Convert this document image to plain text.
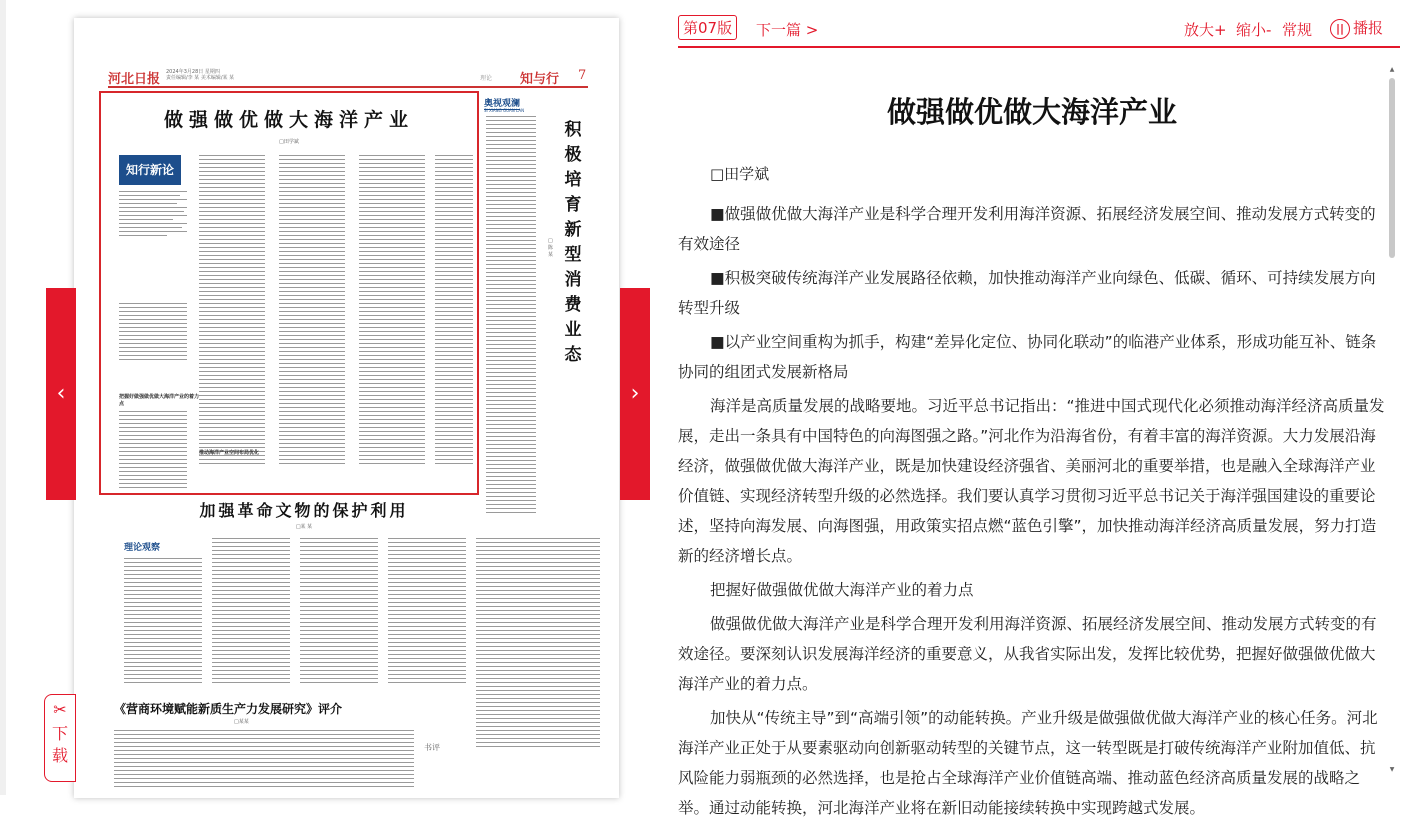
河北日报 2024年3月28日 星期四
责任编辑/李 某 美术编辑/某 某	理论 知与行 7
做强做优做大海洋产业
□田学斌
知行新论
把握好做强做优做大海洋产业的着力点
推动海洋产业空间布局优化
奥视观澜
SI XIANG GUAN LAN
积极培育新型消费业态
□陈某
加强革命文物的保护利用
□某 某
理论观察
《营商环境赋能新质生产力发展研究》评介
□某某
书评
‹	›
✂
下载
第07版	下一篇 >	放大+ 缩小- 常规	|| 播报
做强做优做大海洋产业
□田学斌

■做强做优做大海洋产业是科学合理开发利用海洋资源、拓展经济发展空间、推动发展方式转变的有效途径

■积极突破传统海洋产业发展路径依赖，加快推动海洋产业向绿色、低碳、循环、可持续发展方向转型升级

■以产业空间重构为抓手，构建“差异化定位、协同化联动”的临港产业体系，形成功能互补、链条协同的组团式发展新格局

海洋是高质量发展的战略要地。习近平总书记指出：“推进中国式现代化必须推动海洋经济高质量发展，走出一条具有中国特色的向海图强之路。”河北作为沿海省份，有着丰富的海洋资源。大力发展沿海经济，做强做优做大海洋产业，既是加快建设经济强省、美丽河北的重要举措，也是融入全球海洋产业价值链、实现经济转型升级的必然选择。我们要认真学习贯彻习近平总书记关于海洋强国建设的重要论述，坚持向海发展、向海图强，用政策实招点燃“蓝色引擎”，加快推动海洋经济高质量发展，努力打造新的经济增长点。

把握好做强做优做大海洋产业的着力点

做强做优做大海洋产业是科学合理开发利用海洋资源、拓展经济发展空间、推动发展方式转变的有效途径。要深刻认识发展海洋经济的重要意义，从我省实际出发，发挥比较优势，把握好做强做优做大海洋产业的着力点。

加快从“传统主导”到“高端引领”的动能转换。产业升级是做强做优做大海洋产业的核心任务。河北海洋产业正处于从要素驱动向创新驱动转型的关键节点，这一转型既是打破传统海洋产业附加值低、抗风险能力弱瓶颈的必然选择，也是抢占全球海洋产业价值链高端、推动蓝色经济高质量发展的战略之举。通过动能转换，河北海洋产业将在新旧动能接续转换中实现跨越式发展。

▲
▼
